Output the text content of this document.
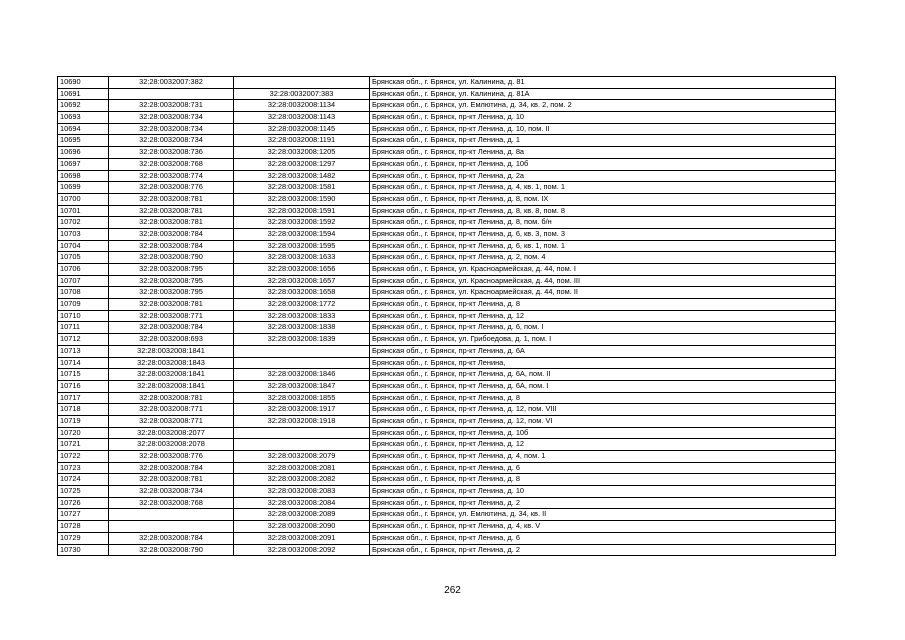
10690	32:28:0032007:382		Брянская обл., г. Брянск, ул. Калинина, д. 81
10691		32:28:0032007:383	Брянская обл., г. Брянск, ул. Калинина, д. 81А
10692	32:28:0032008:731	32:28:0032008:1134	Брянская обл., г. Брянск, ул. Емлютина, д. 34, кв. 2, пом. 2
10693	32:28:0032008:734	32:28:0032008:1143	Брянская обл., г. Брянск, пр-кт Ленина, д. 10
10694	32:28:0032008:734	32:28:0032008:1145	Брянская обл., г. Брянск, пр-кт Ленина, д. 10, пом. II
10695	32:28:0032008:734	32:28:0032008:1191	Брянская обл., г. Брянск, пр-кт Ленина, д. 1
10696	32:28:0032008:736	32:28:0032008:1205	Брянская обл., г. Брянск, пр-кт Ленина, д. 8а
10697	32:28:0032008:768	32:28:0032008:1297	Брянская обл., г. Брянск, пр-кт Ленина, д. 10б
10698	32:28:0032008:774	32:28:0032008:1482	Брянская обл., г. Брянск, пр-кт Ленина, д. 2а
10699	32:28:0032008:776	32:28:0032008:1581	Брянская обл., г. Брянск, пр-кт Ленина, д. 4, кв. 1, пом. 1
10700	32:28:0032008:781	32:28:0032008:1590	Брянская обл., г. Брянск, пр-кт Ленина, д. 8, пом. IX
10701	32:28:0032008:781	32:28:0032008:1591	Брянская обл., г. Брянск, пр-кт Ленина, д. 8, кв. 8, пом. 8
10702	32:28:0032008:781	32:28:0032008:1592	Брянская обл., г. Брянск, пр-кт Ленина, д. 8, пом. б/н
10703	32:28:0032008:784	32:28:0032008:1594	Брянская обл., г. Брянск, пр-кт Ленина, д. 6, кв. 3, пом. 3
10704	32:28:0032008:784	32:28:0032008:1595	Брянская обл., г. Брянск, пр-кт Ленина, д. 6, кв. 1, пом. 1
10705	32:28:0032008:790	32:28:0032008:1633	Брянская обл., г. Брянск, пр-кт Ленина, д. 2, пом. 4
10706	32:28:0032008:795	32:28:0032008:1656	Брянская обл., г. Брянск, ул. Красноармейская, д. 44, пом. I
10707	32:28:0032008:795	32:28:0032008:1657	Брянская обл., г. Брянск, ул. Красноармейская, д. 44, пом. III
10708	32:28:0032008:795	32:28:0032008:1658	Брянская обл., г. Брянск, ул. Красноармейская, д. 44, пом. II
10709	32:28:0032008:781	32:28:0032008:1772	Брянская обл., г. Брянск, пр-кт Ленина, д. 8
10710	32:28:0032008:771	32:28:0032008:1833	Брянская обл., г. Брянск, пр-кт Ленина, д. 12
10711	32:28:0032008:784	32:28:0032008:1838	Брянская обл., г. Брянск, пр-кт Ленина, д. 6, пом. I
10712	32:28:0032008:693	32:28:0032008:1839	Брянская обл., г. Брянск, ул. Грибоедова, д. 1, пом. I
10713	32:28:0032008:1841		Брянская обл., г. Брянск, пр-кт Ленина, д. 6А
10714	32:28:0032008:1843		Брянская обл., г. Брянск, пр-кт Ленина,
10715	32:28:0032008:1841	32:28:0032008:1846	Брянская обл., г. Брянск, пр-кт Ленина, д. 6А, пом. II
10716	32:28:0032008:1841	32:28:0032008:1847	Брянская обл., г. Брянск, пр-кт Ленина, д. 6А, пом. I
10717	32:28:0032008:781	32:28:0032008:1855	Брянская обл., г. Брянск, пр-кт Ленина, д. 8
10718	32:28:0032008:771	32:28:0032008:1917	Брянская обл., г. Брянск, пр-кт Ленина, д. 12, пом. VIII
10719	32:28:0032008:771	32:28:0032008:1918	Брянская обл., г. Брянск, пр-кт Ленина, д. 12, пом. VI
10720	32:28:0032008:2077		Брянская обл., г. Брянск, пр-кт Ленина, д. 10б
10721	32:28:0032008:2078		Брянская обл., г. Брянск, пр-кт Ленина, д. 12
10722	32:28:0032008:776	32:28:0032008:2079	Брянская обл., г. Брянск, пр-кт Ленина, д. 4, пом. 1
10723	32:28:0032008:784	32:28:0032008:2081	Брянская обл., г. Брянск, пр-кт Ленина, д. 6
10724	32:28:0032008:781	32:28:0032008:2082	Брянская обл., г. Брянск, пр-кт Ленина, д. 8
10725	32:28:0032008:734	32:28:0032008:2083	Брянская обл., г. Брянск, пр-кт Ленина, д. 10
10726	32:28:0032008:768	32:28:0032008:2084	Брянская обл., г. Брянск, пр-кт Ленина, д. 2
10727		32:28:0032008:2089	Брянская обл., г. Брянск, ул. Емлютина, д. 34, кв. II
10728		32:28:0032008:2090	Брянская обл., г. Брянск, пр-кт Ленина, д. 4, кв. V
10729	32:28:0032008:784	32:28:0032008:2091	Брянская обл., г. Брянск, пр-кт Ленина, д. 6
10730	32:28:0032008:790	32:28:0032008:2092	Брянская обл., г. Брянск, пр-кт Ленина, д. 2
262
